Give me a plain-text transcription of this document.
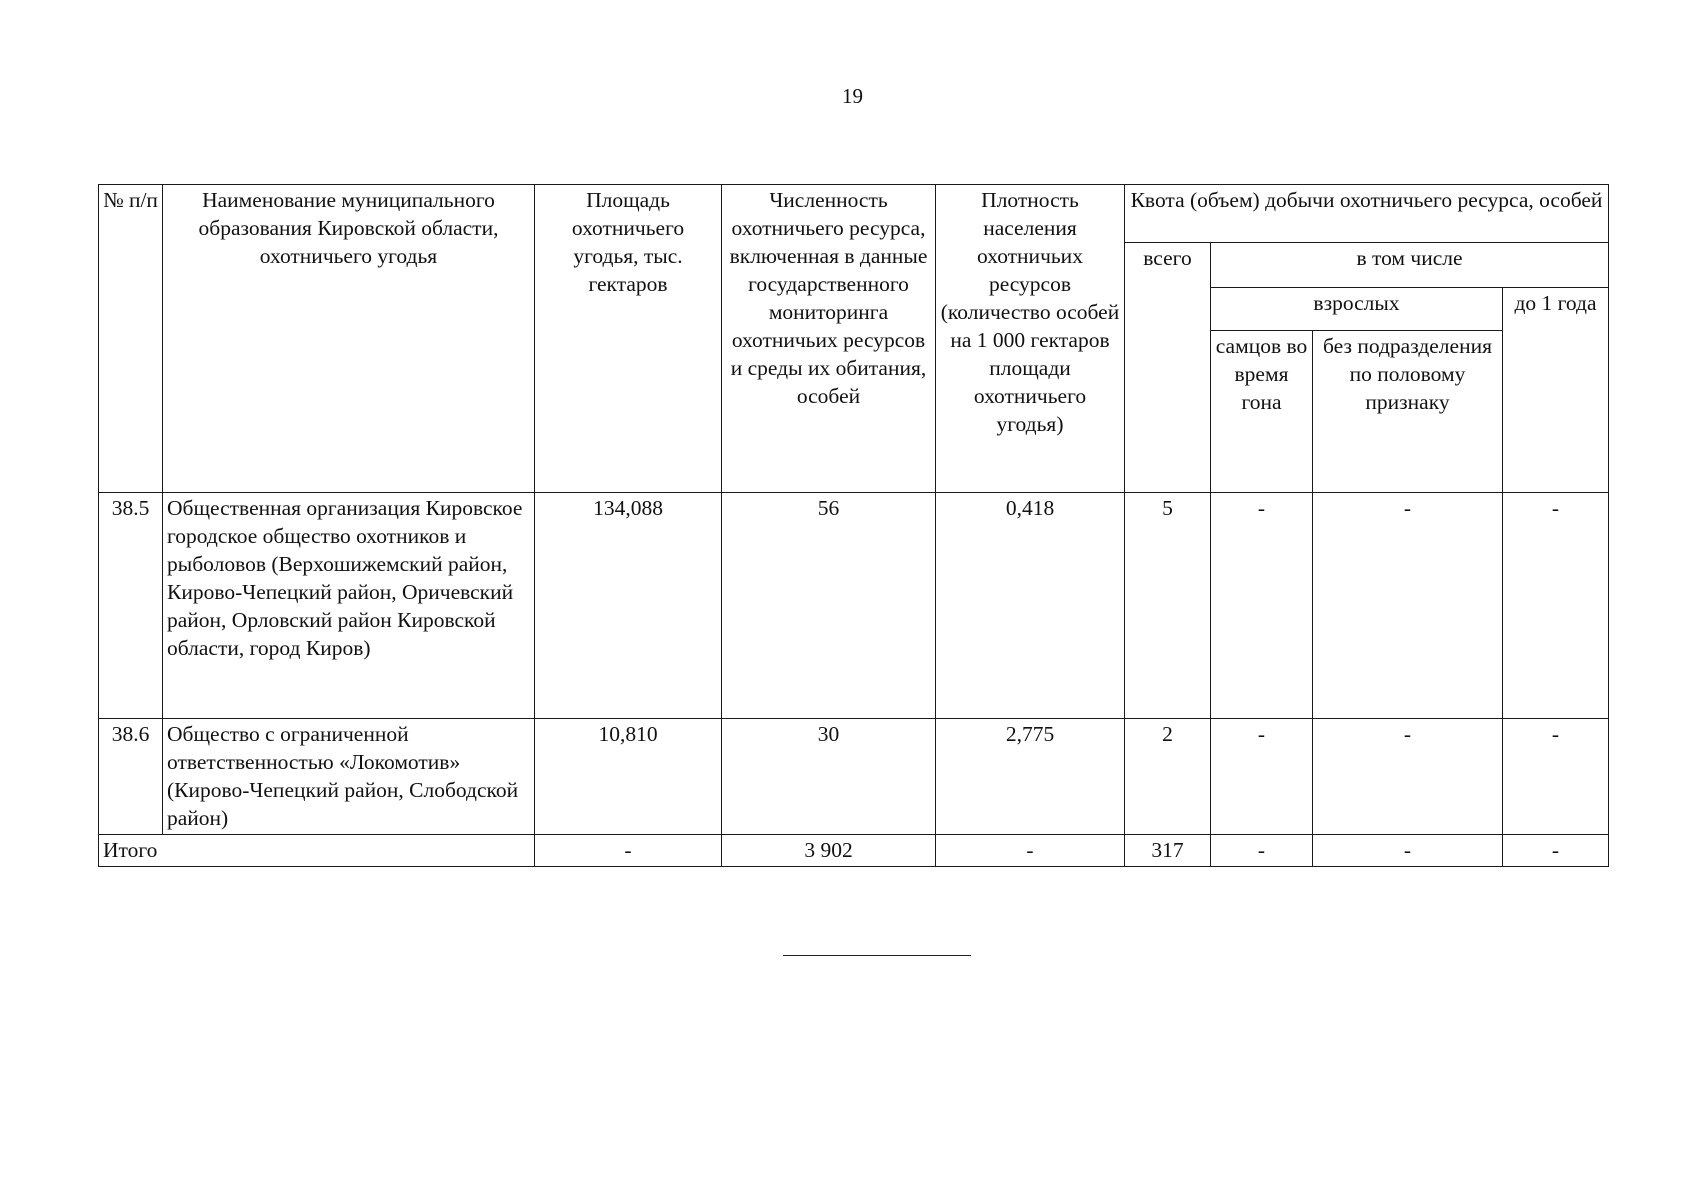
19
№ п/п	Наименование муниципального образования Кировской области, охотничьего угодья	Площадь охотничьего угодья, тыс. гектаров	Численность охотничьего ресурса, включенная в данные государственного мониторинга охотничьих ресурсов и среды их обитания, особей	Плотность населения охотничьих ресурсов (количество особей на 1 000 гектаров площади охотничьего угодья)	Квота (объем) добычи охотничьего ресурса, особей			
					всего	в том числе		
						взрослых		до 1 года
						самцов во время гона	без подразделения по половому признаку	
38.5	Общественная организация Кировское городское общество охотников и рыболовов (Верхошижемский район, Кирово-Чепецкий район, Оричевский район, Орловский район Кировской области, город Киров)	134,088	56	0,418	5	-	-	-
38.6	Общество с ограниченной ответственностью «Локомотив» (Кирово-Чепецкий район, Слободской район)	10,810	30	2,775	2	-	-	-
Итого		-	3 902	-	317	-	-	-
